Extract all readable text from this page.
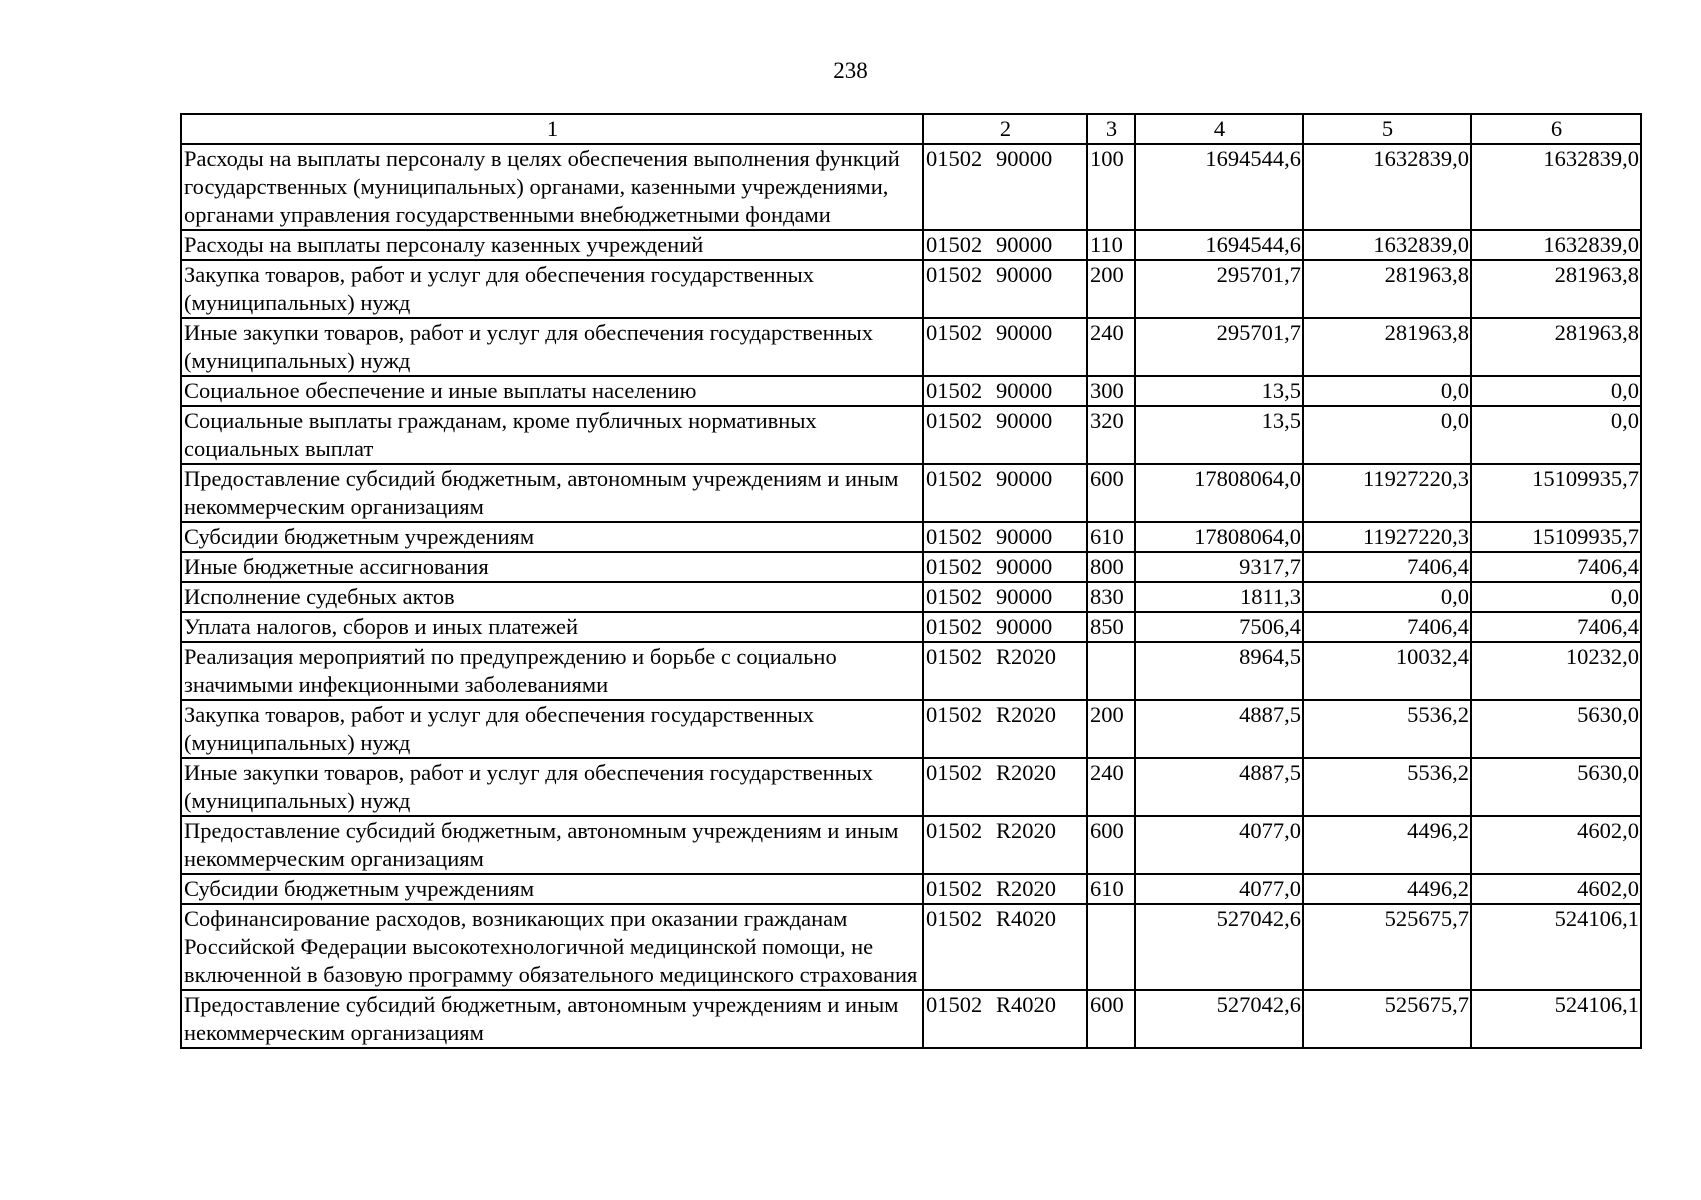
238
1	2	3	4	5	6
Расходы на выплаты персоналу в целях обеспечения выполнения функций государственных (муниципальных) органами, казенными учреждениями, органами управления государственными внебюджетными фондами	01502 90000	100	1694544,6	1632839,0	1632839,0
Расходы на выплаты персоналу казенных учреждений	01502 90000	110	1694544,6	1632839,0	1632839,0
Закупка товаров, работ и услуг для обеспечения государственных (муниципальных) нужд	01502 90000	200	295701,7	281963,8	281963,8
Иные закупки товаров, работ и услуг для обеспечения государственных (муниципальных) нужд	01502 90000	240	295701,7	281963,8	281963,8
Социальное обеспечение и иные выплаты населению	01502 90000	300	13,5	0,0	0,0
Социальные выплаты гражданам, кроме публичных нормативных социальных выплат	01502 90000	320	13,5	0,0	0,0
Предоставление субсидий бюджетным, автономным учреждениям и иным некоммерческим организациям	01502 90000	600	17808064,0	11927220,3	15109935,7
Субсидии бюджетным учреждениям	01502 90000	610	17808064,0	11927220,3	15109935,7
Иные бюджетные ассигнования	01502 90000	800	9317,7	7406,4	7406,4
Исполнение судебных актов	01502 90000	830	1811,3	0,0	0,0
Уплата налогов, сборов и иных платежей	01502 90000	850	7506,4	7406,4	7406,4
Реализация мероприятий по предупреждению и борьбе с социально значимыми инфекционными заболеваниями	01502 R2020		8964,5	10032,4	10232,0
Закупка товаров, работ и услуг для обеспечения государственных (муниципальных) нужд	01502 R2020	200	4887,5	5536,2	5630,0
Иные закупки товаров, работ и услуг для обеспечения государственных (муниципальных) нужд	01502 R2020	240	4887,5	5536,2	5630,0
Предоставление субсидий бюджетным, автономным учреждениям и иным некоммерческим организациям	01502 R2020	600	4077,0	4496,2	4602,0
Субсидии бюджетным учреждениям	01502 R2020	610	4077,0	4496,2	4602,0
Софинансирование расходов, возникающих при оказании гражданам Российской Федерации высокотехнологичной медицинской помощи, не включенной в базовую программу обязательного медицинского страхования	01502 R4020		527042,6	525675,7	524106,1
Предоставление субсидий бюджетным, автономным учреждениям и иным некоммерческим организациям	01502 R4020	600	527042,6	525675,7	524106,1
